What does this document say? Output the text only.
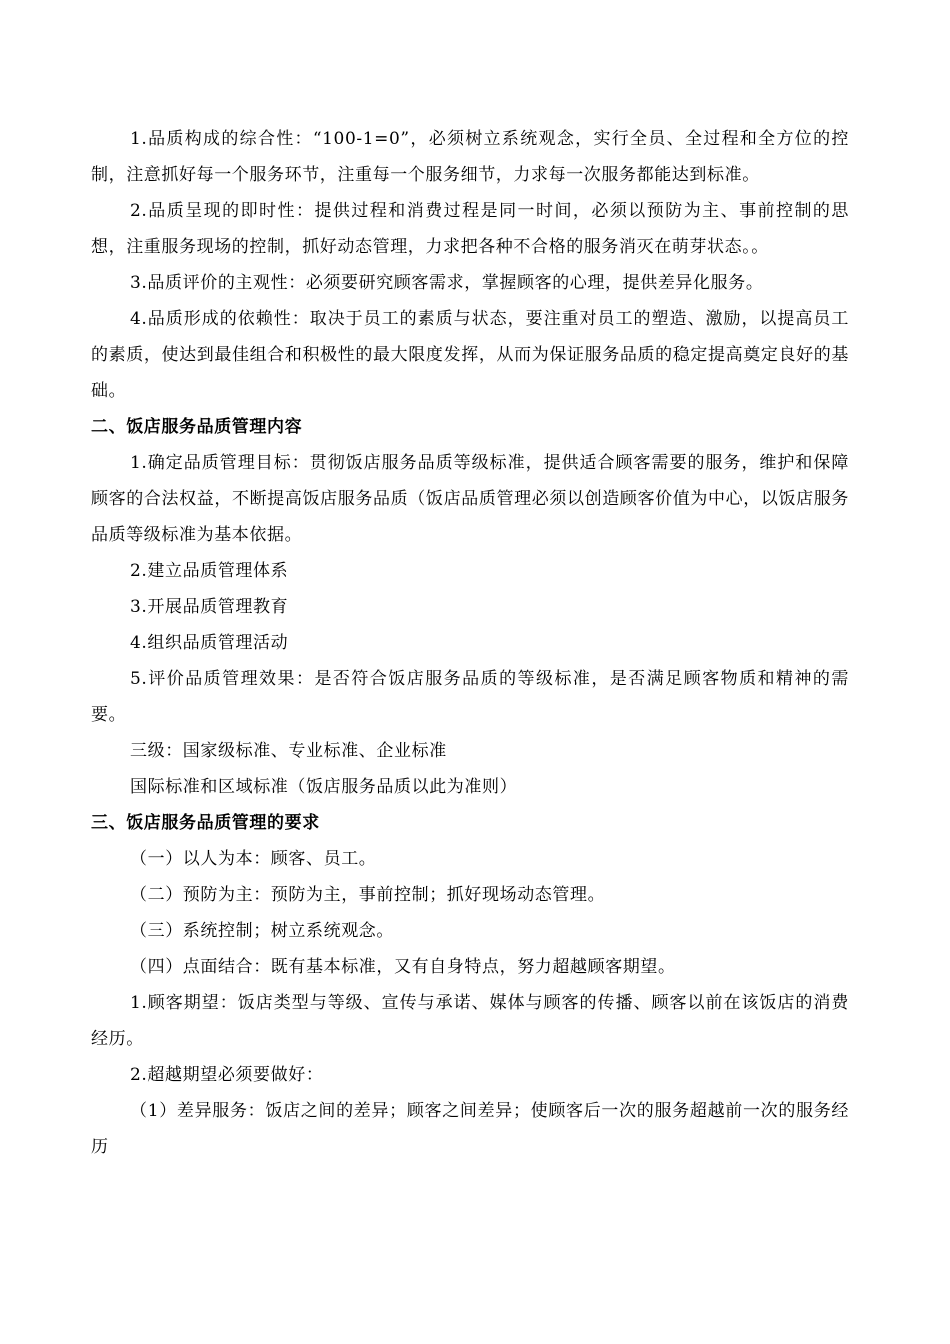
1.品质构成的综合性：“100-1=0”，必须树立系统观念，实行全员、全过程和全方位的控制，注意抓好每一个服务环节，注重每一个服务细节，力求每一次服务都能达到标准。

2.品质呈现的即时性：提供过程和消费过程是同一时间，必须以预防为主、事前控制的思想，注重服务现场的控制，抓好动态管理，力求把各种不合格的服务消灭在萌芽状态。。

3.品质评价的主观性：必须要研究顾客需求，掌握顾客的心理，提供差异化服务。

4.品质形成的依赖性：取决于员工的素质与状态，要注重对员工的塑造、激励，以提高员工的素质，使达到最佳组合和积极性的最大限度发挥，从而为保证服务品质的稳定提高奠定良好的基础。

二、饭店服务品质管理内容

1.确定品质管理目标：贯彻饭店服务品质等级标准，提供适合顾客需要的服务，维护和保障顾客的合法权益，不断提高饭店服务品质（饭店品质管理必须以创造顾客价值为中心，以饭店服务品质等级标准为基本依据。

2.建立品质管理体系

3.开展品质管理教育

4.组织品质管理活动

5.评价品质管理效果：是否符合饭店服务品质的等级标准，是否满足顾客物质和精神的需要。

三级：国家级标准、专业标准、企业标准

国际标准和区域标准（饭店服务品质以此为准则）

三、饭店服务品质管理的要求

（一）以人为本：顾客、员工。

（二）预防为主：预防为主，事前控制；抓好现场动态管理。

（三）系统控制；树立系统观念。

（四）点面结合：既有基本标准，又有自身特点，努力超越顾客期望。

1.顾客期望：饭店类型与等级、宣传与承诺、媒体与顾客的传播、顾客以前在该饭店的消费经历。

2.超越期望必须要做好：

（1）差异服务：饭店之间的差异；顾客之间差异；使顾客后一次的服务超越前一次的服务经历
